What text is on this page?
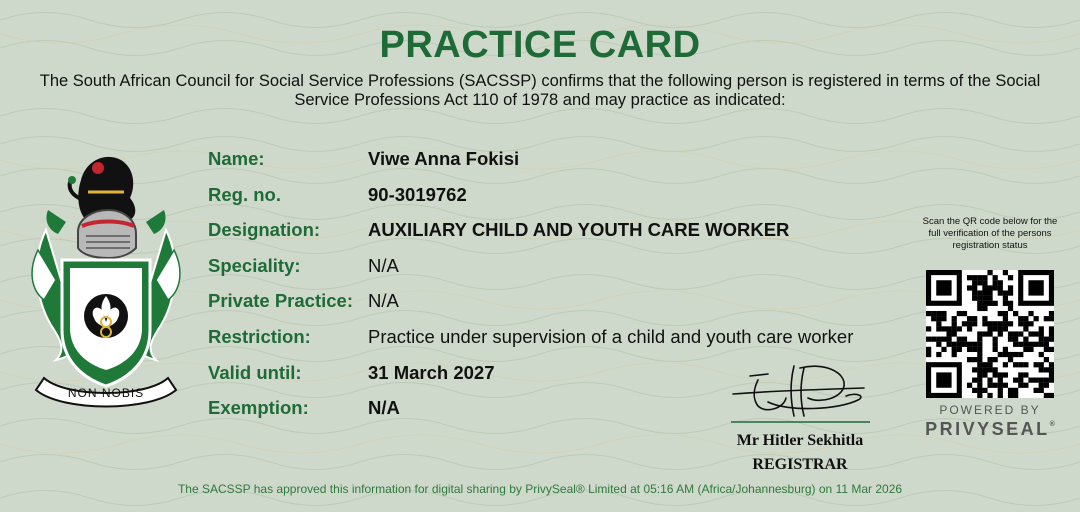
PRACTICE CARD
The South African Council for Social Service Professions (SACSSP) confirms that the following person is registered in terms of the Social Service Professions Act 110 of 1978 and may practice as indicated:
NON NOBIS
Name:	Viwe Anna Fokisi
Reg. no.	90-3019762
Designation:	AUXILIARY CHILD AND YOUTH CARE WORKER
Speciality:	N/A
Private Practice: N/A
Restriction:	Practice under supervision of a child and youth care worker
Valid until:	31 March 2027
Exemption:	N/A
Mr Hitler Sekhitla
REGISTRAR
Scan the QR code below for the full verification of the persons registration status
POWERED BY
PRIVYSEAL®
The SACSSP has approved this information for digital sharing by PrivySeal® Limited at 05:16 AM (Africa/Johannesburg) on 11 Mar 2026
